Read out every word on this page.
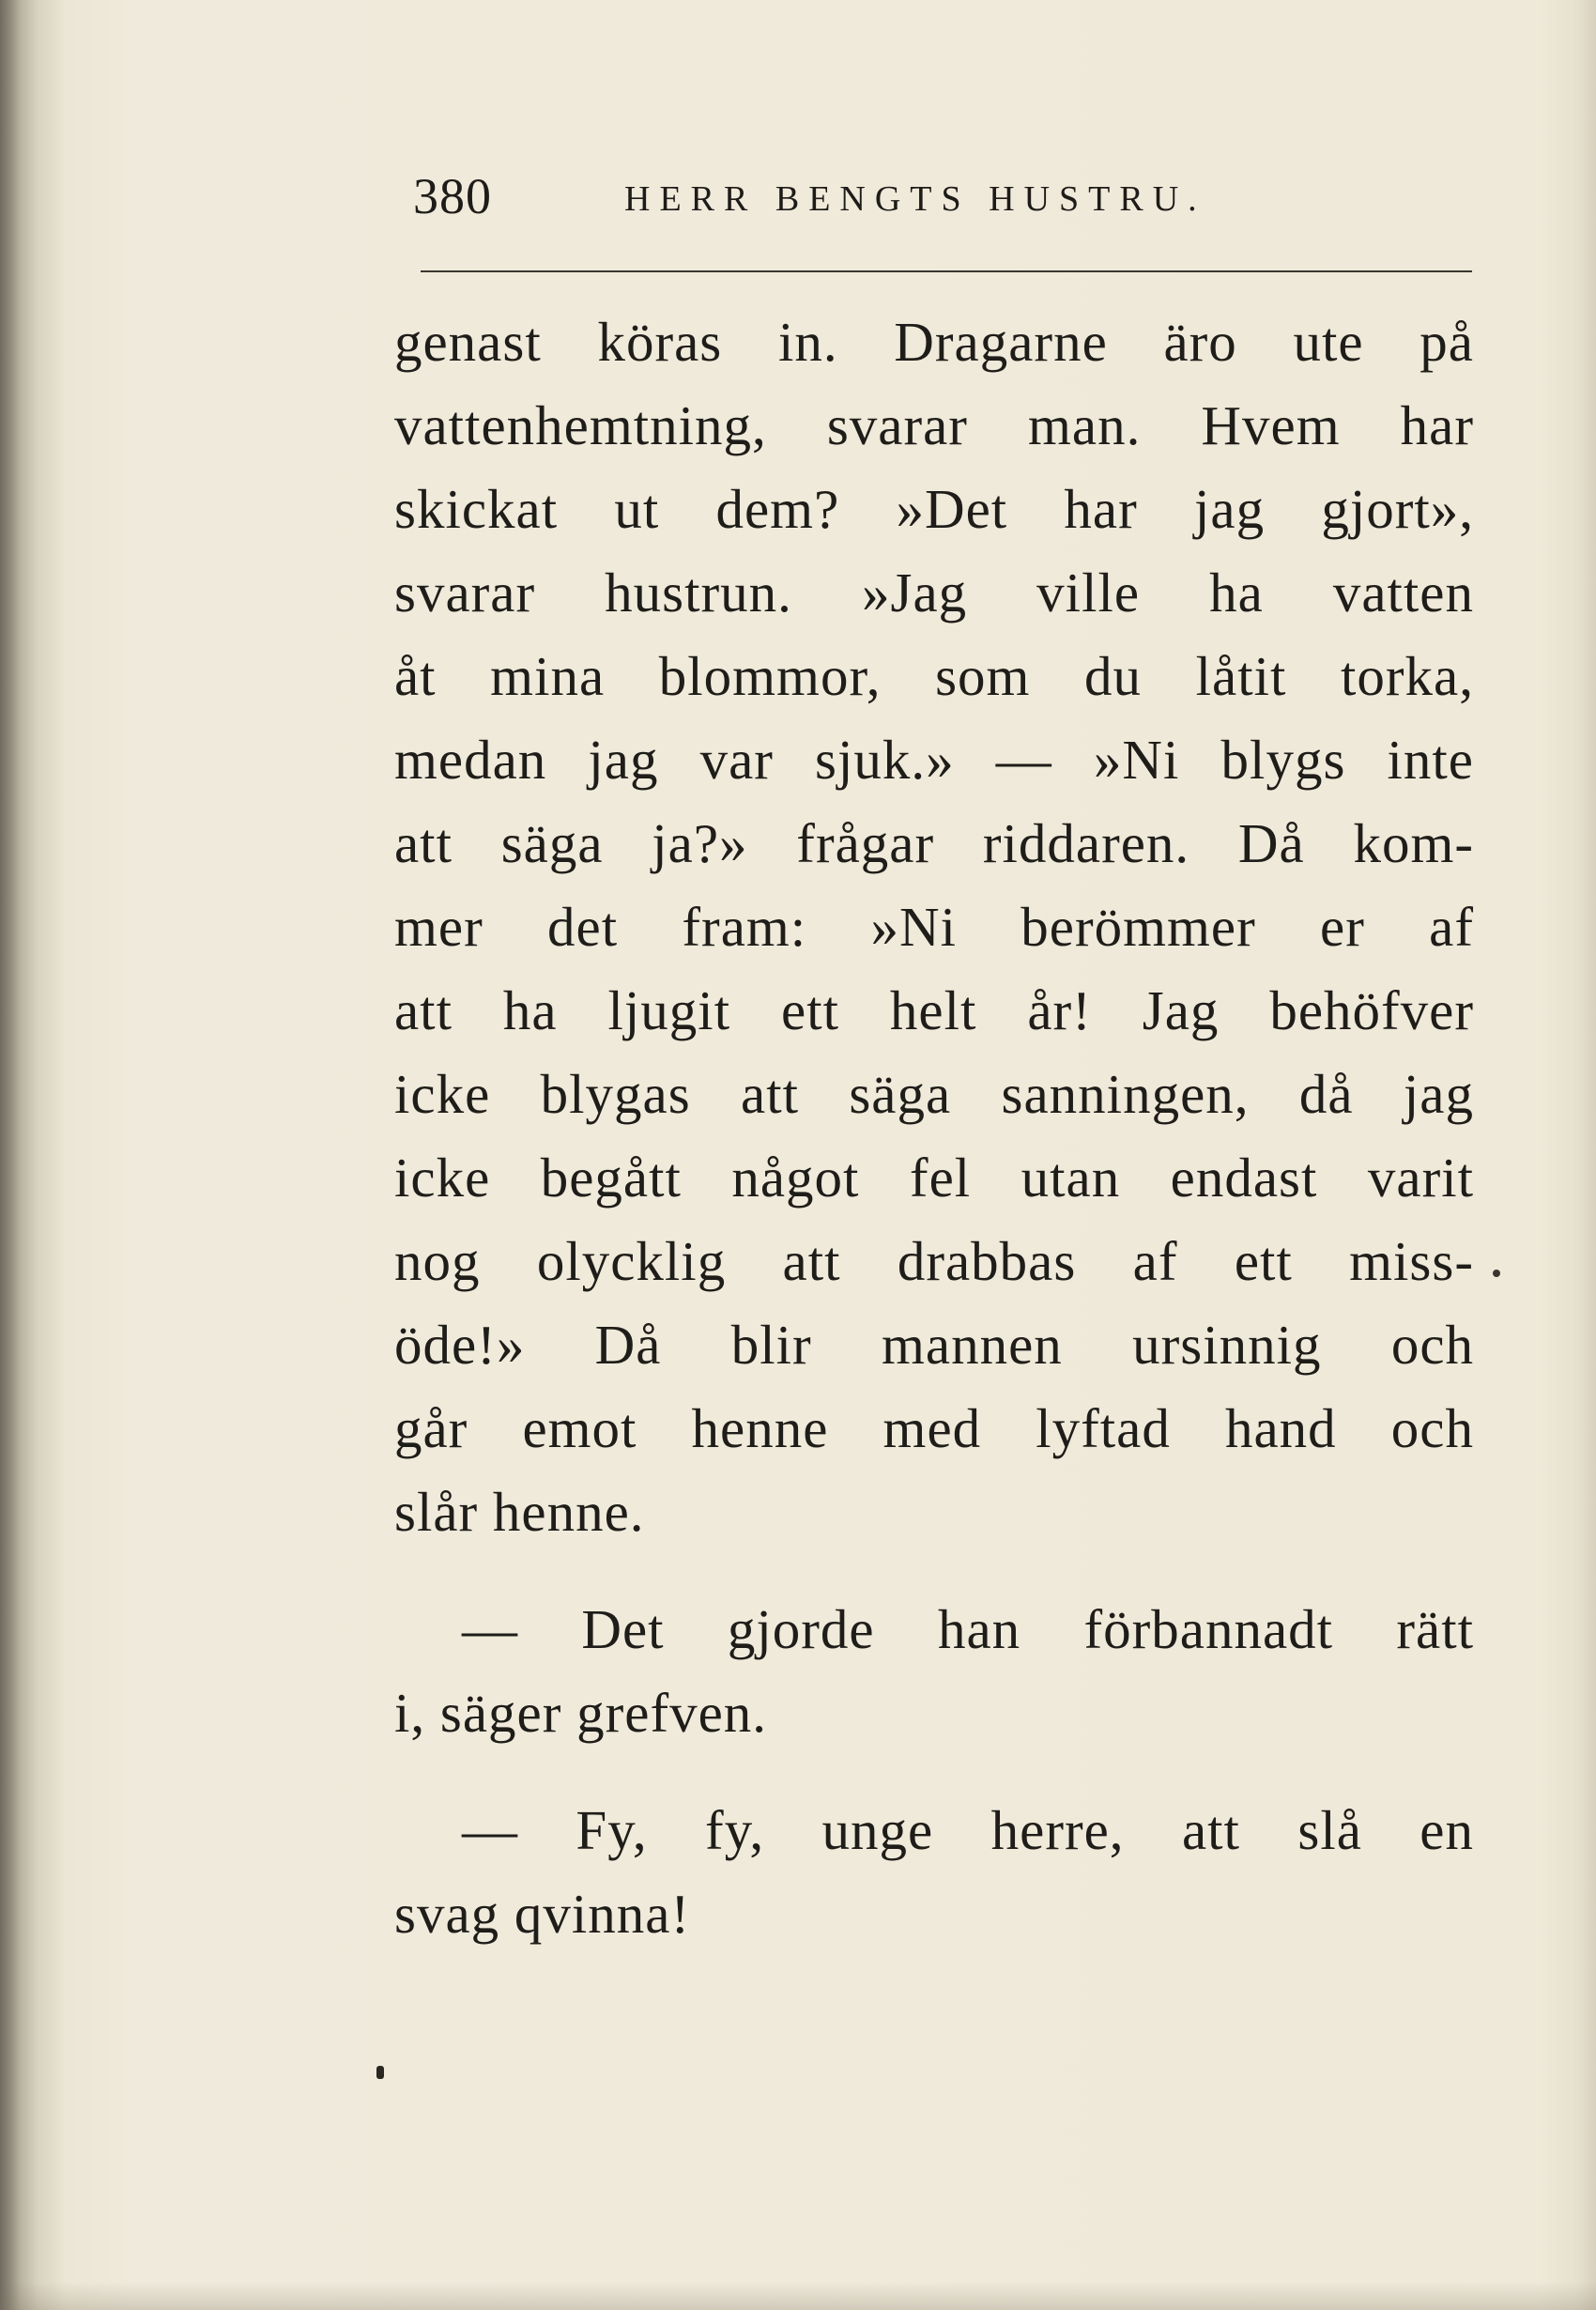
380	HERR BENGTS HUSTRU.
genast köras in. Dragarne äro ute på
vattenhemtning, svarar man. Hvem har
skickat ut dem? »Det har jag gjort»,
svarar hustrun. »Jag ville ha vatten
åt mina blommor, som du låtit torka,
medan jag var sjuk.» — »Ni blygs inte
att säga ja?» frågar riddaren. Då kom-
mer det fram: »Ni berömmer er af
att ha ljugit ett helt år! Jag behöfver
icke blygas att säga sanningen, då jag
icke begått något fel utan endast varit
nog olycklig att drabbas af ett miss-
öde!» Då blir mannen ursinnig och
går emot henne med lyftad hand och
slår henne.
— Det gjorde han förbannadt rätt
i, säger grefven.
— Fy, fy, unge herre, att slå en
svag qvinna!
